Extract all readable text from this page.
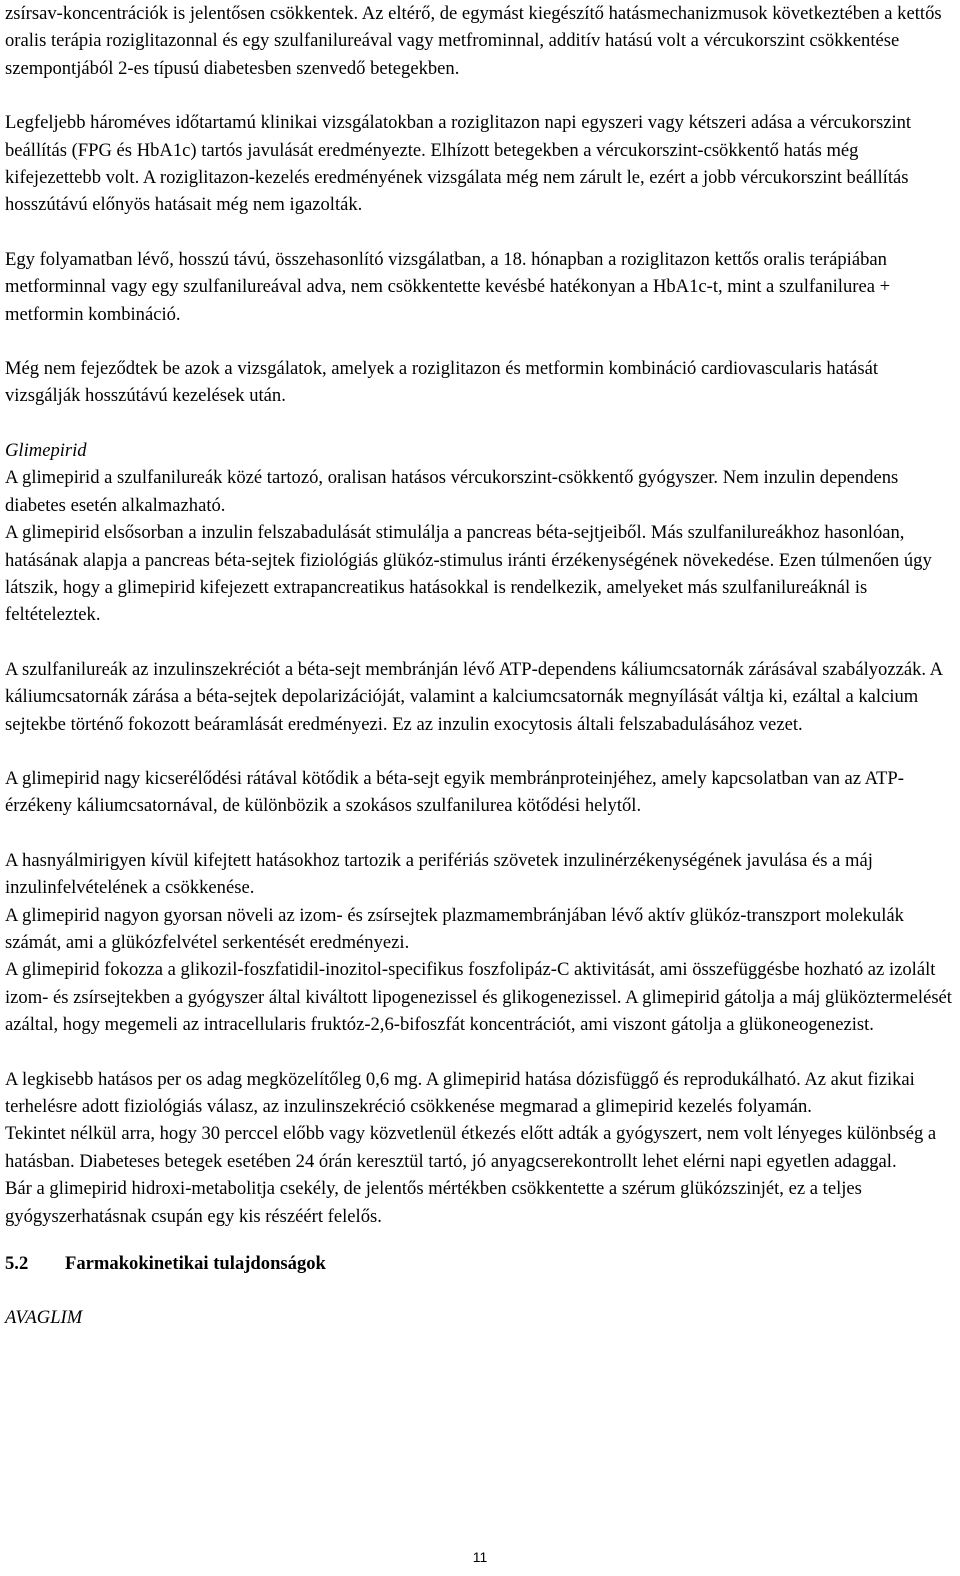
zsírsav-koncentrációk is jelentősen csökkentek. Az eltérő, de egymást kiegészítő hatásmechanizmusok következtében a kettős oralis terápia roziglitazonnal és egy szulfanilureával vagy metfrominnal, additív hatású volt a vércukorszint csökkentése szempontjából 2-es típusú diabetesben szenvedő betegekben.

Legfeljebb hároméves időtartamú klinikai vizsgálatokban a roziglitazon napi egyszeri vagy kétszeri adása a vércukorszint beállítás (FPG és HbA1c) tartós javulását eredményezte. Elhízott betegekben a vércukorszint-csökkentő hatás még kifejezettebb volt. A roziglitazon-kezelés eredményének vizsgálata még nem zárult le, ezért a jobb vércukorszint beállítás hosszútávú előnyös hatásait még nem igazolták.

Egy folyamatban lévő, hosszú távú, összehasonlító vizsgálatban, a 18. hónapban a roziglitazon kettős oralis terápiában metforminnal vagy egy szulfanilureával adva, nem csökkentette kevésbé hatékonyan a HbA1c-t, mint a szulfanilurea + metformin kombináció.

Még nem fejeződtek be azok a vizsgálatok, amelyek a roziglitazon és metformin kombináció cardiovascularis hatását vizsgálják hosszútávú kezelések után.

Glimepirid

A glimepirid a szulfanilureák közé tartozó, oralisan hatásos vércukorszint-csökkentő gyógyszer. Nem inzulin dependens diabetes esetén alkalmazható.

A glimepirid elsősorban a inzulin felszabadulását stimulálja a pancreas béta-sejtjeiből. Más szulfanilureákhoz hasonlóan, hatásának alapja a pancreas béta-sejtek fiziológiás glükóz-stimulus iránti érzékenységének növekedése. Ezen túlmenően úgy látszik, hogy a glimepirid kifejezett extrapancreatikus hatásokkal is rendelkezik, amelyeket más szulfanilureáknál is feltételeztek.

A szulfanilureák az inzulinszekréciót a béta-sejt membránján lévő ATP-dependens káliumcsatornák zárásával szabályozzák. A káliumcsatornák zárása a béta-sejtek depolarizációját, valamint a kalciumcsatornák megnyílását váltja ki, ezáltal a kalcium sejtekbe történő fokozott beáramlását eredményezi. Ez az inzulin exocytosis általi felszabadulásához vezet.

A glimepirid nagy kicserélődési rátával kötődik a béta-sejt egyik membránproteinjéhez, amely kapcsolatban van az ATP-érzékeny káliumcsatornával, de különbözik a szokásos szulfanilurea kötődési helytől.

A hasnyálmirigyen kívül kifejtett hatásokhoz tartozik a perifériás szövetek inzulinérzékenységének javulása és a máj inzulinfelvételének a csökkenése.

A glimepirid nagyon gyorsan növeli az izom- és zsírsejtek plazmamembránjában lévő aktív glükóz-transzport molekulák számát, ami a glükózfelvétel serkentését eredményezi.

A glimepirid fokozza a glikozil-foszfatidil-inozitol-specifikus foszfolipáz-C aktivitását, ami összefüggésbe hozható az izolált izom- és zsírsejtekben a gyógyszer által kiváltott lipogenezissel és glikogenezissel. A glimepirid gátolja a máj glüköztermelését azáltal, hogy megemeli az intracellularis fruktóz-2,6-bifoszfát koncentrációt, ami viszont gátolja a glükoneogenezist.

A legkisebb hatásos per os adag megközelítőleg 0,6 mg. A glimepirid hatása dózisfüggő és reprodukálható. Az akut fizikai terhelésre adott fiziológiás válasz, az inzulinszekréció csökkenése megmarad a glimepirid kezelés folyamán.

Tekintet nélkül arra, hogy 30 perccel előbb vagy közvetlenül étkezés előtt adták a gyógyszert, nem volt lényeges különbség a hatásban. Diabeteses betegek esetében 24 órán keresztül tartó, jó anyagcserekontrollt lehet elérni napi egyetlen adaggal.

Bár a glimepirid hidroxi-metabolitja csekély, de jelentős mértékben csökkentette a szérum glükózszinjét, ez a teljes gyógyszerhatásnak csupán egy kis részéért felelős.

5.2 Farmakokinetikai tulajdonságok

AVAGLIM

11
